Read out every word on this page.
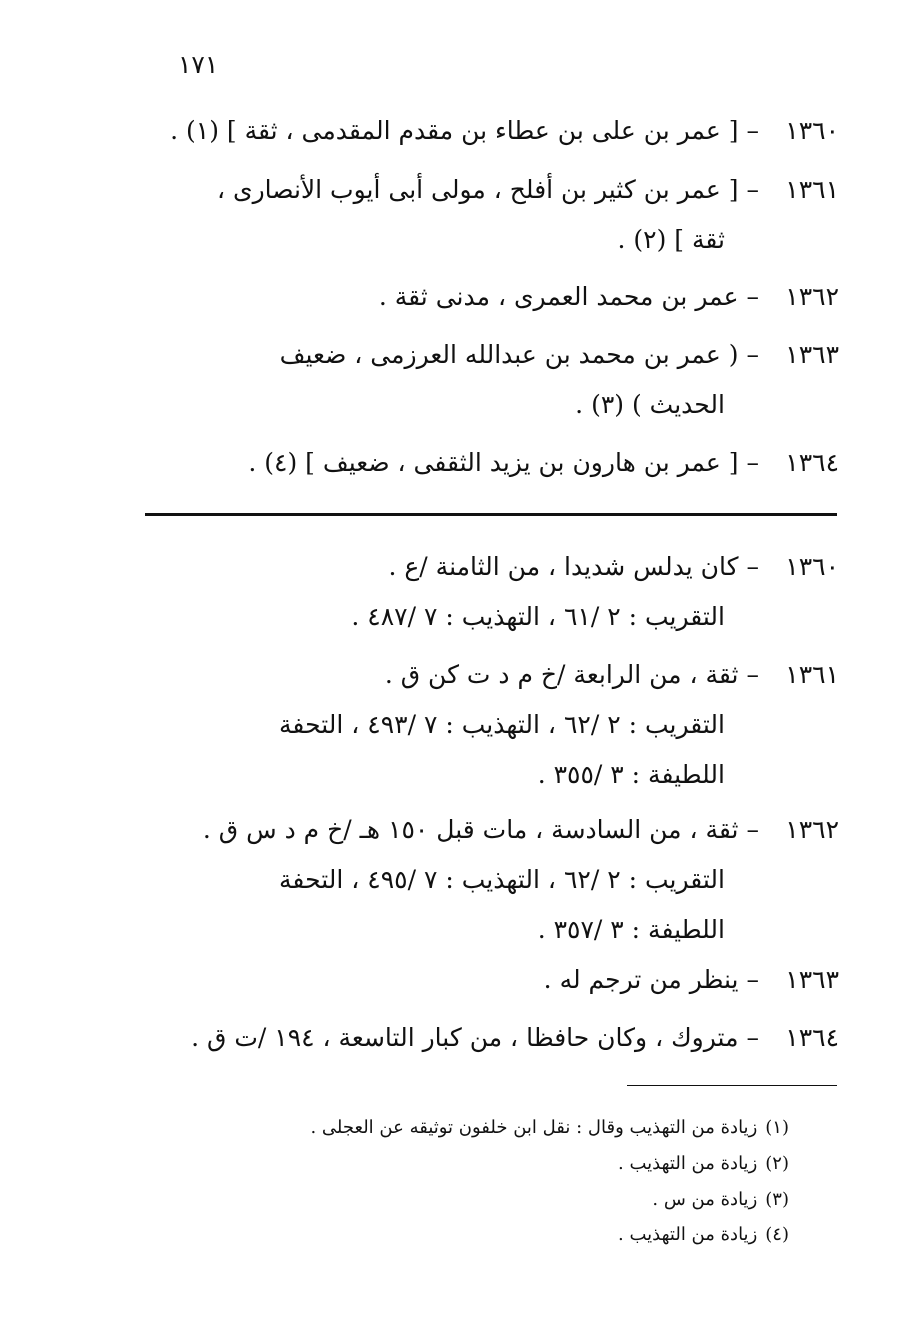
١٧١
١٣٦٠–[ عمر بن على بن عطاء بن مقدم المقدمى ، ثقة ] (١) .
١٣٦١–[ عمر بن كثير بن أفلح ، مولى أبى أيوب الأنصارى ،
ثقة ] (٢) .
١٣٦٢–عمر بن محمد العمرى ، مدنى ثقة .
١٣٦٣–( عمر بن محمد بن عبدالله العرزمى ، ضعيف
الحديث ) (٣) .
١٣٦٤–[ عمر بن هارون بن يزيد الثقفى ، ضعيف ] (٤) .
١٣٦٠–كان يدلس شديدا ، من الثامنة /ع .
التقريب : ٢ /٦١ ، التهذيب : ٧ /٤٨٧ .
١٣٦١–ثقة ، من الرابعة /خ م د ت كن ق .
التقريب : ٢ /٦٢ ، التهذيب : ٧ /٤٩٣ ، التحفة
اللطيفة : ٣ /٣٥٥ .
١٣٦٢–ثقة ، من السادسة ، مات قبل ١٥٠ هـ /خ م د س ق .
التقريب : ٢ /٦٢ ، التهذيب : ٧ /٤٩٥ ، التحفة
اللطيفة : ٣ /٣٥٧ .
١٣٦٣–ينظر من ترجم له .
١٣٦٤–متروك ، وكان حافظا ، من كبار التاسعة ، ١٩٤ /ت ق .
(١)زيادة من التهذيب وقال : نقل ابن خلفون توثيقه عن العجلى .
(٢)زيادة من التهذيب .
(٣)زيادة من س .
(٤)زيادة من التهذيب .
